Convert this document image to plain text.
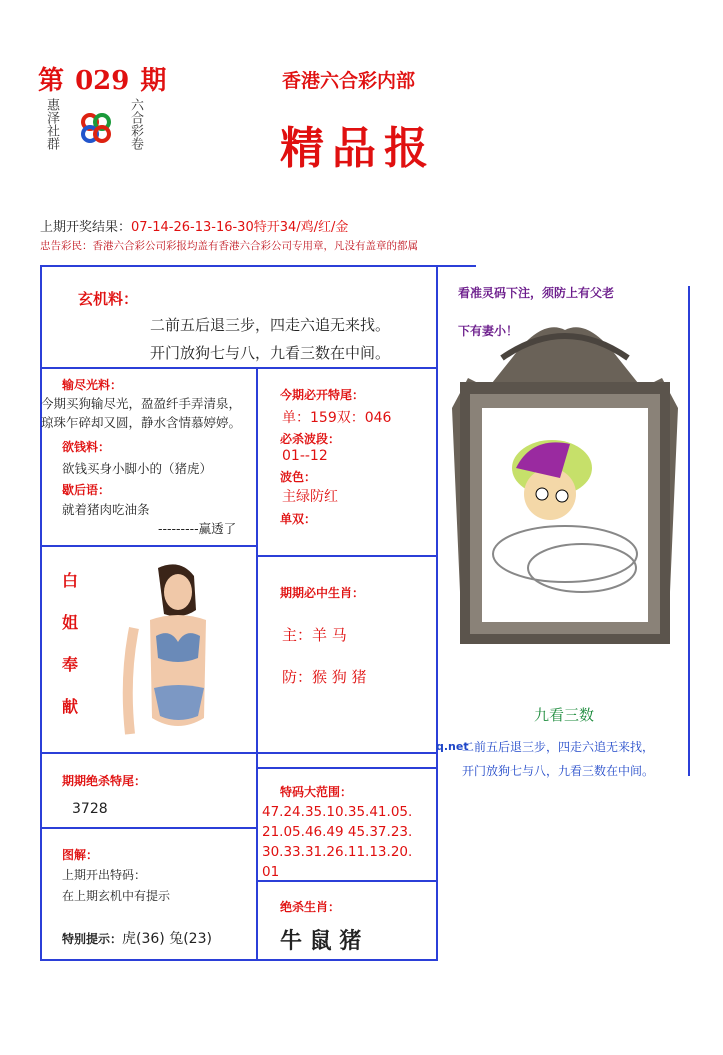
第 029 期
惠泽社群	六合彩卷
香港六合彩内部
精品报
上期开奖结果：07-14-26-13-16-30特开34/鸡/红/金
忠告彩民：香港六合彩公司彩报均盖有香港六合彩公司专用章，凡没有盖章的都属
玄机料：
二前五后退三步，四走六追无来找。
开门放狗七与八，九看三数在中间。
输尽光料：
今期买狗输尽光，盈盈纤手弄清泉，
琼珠乍碎却又圆，静水含情慕婷婷。
欲钱料：
欲钱买身小脚小的（猪虎）
歇后语：
就着猪肉吃油条
---------赢透了
今期必开特尾：
单：159双：046
必杀波段：
01--12
波色：
主绿防红
单双：
白
姐
奉
献
期期必中生肖：
主：羊 马
防：猴 狗 猪
期期绝杀特尾：
3728
图解：
上期开出特码：
在上期玄机中有提示
特别提示：虎(36) 兔(23)
特码大范围：
47.24.35.10.35.41.05.
21.05.46.49 45.37.23.
30.33.31.26.11.13.20.
01
绝杀生肖：
牛 鼠 猪
看准灵码下注，须防上有父老
下有妻小！
九看三数
q.net
二前五后退三步，四走六追无来找，
开门放狗七与八，九看三数在中间。
